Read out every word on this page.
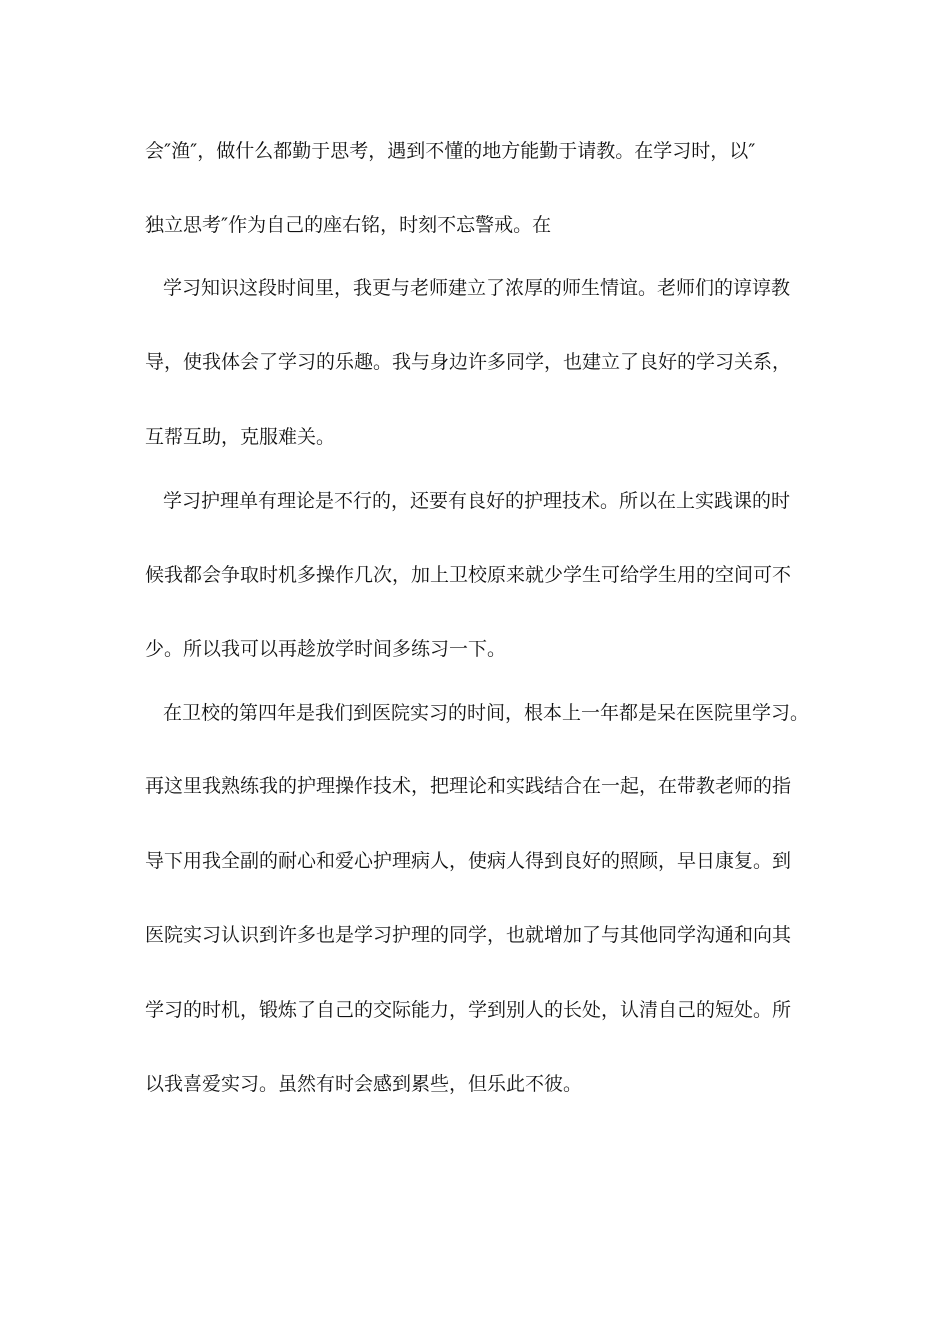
会″渔″，做什么都勤于思考，遇到不懂的地方能勤于请教。在学习时，以″
独立思考″作为自己的座右铭，时刻不忘警戒。在
学习知识这段时间里，我更与老师建立了浓厚的师生情谊。老师们的谆谆教
导，使我体会了学习的乐趣。我与身边许多同学，也建立了良好的学习关系，
互帮互助，克服难关。
学习护理单有理论是不行的，还要有良好的护理技术。所以在上实践课的时
候我都会争取时机多操作几次，加上卫校原来就少学生可给学生用的空间可不
少。所以我可以再趁放学时间多练习一下。
在卫校的第四年是我们到医院实习的时间，根本上一年都是呆在医院里学习。
再这里我熟练我的护理操作技术，把理论和实践结合在一起，在带教老师的指
导下用我全副的耐心和爱心护理病人，使病人得到良好的照顾，早日康复。到
医院实习认识到许多也是学习护理的同学，也就增加了与其他同学沟通和向其
学习的时机，锻炼了自己的交际能力，学到别人的长处，认清自己的短处。所
以我喜爱实习。虽然有时会感到累些，但乐此不彼。
